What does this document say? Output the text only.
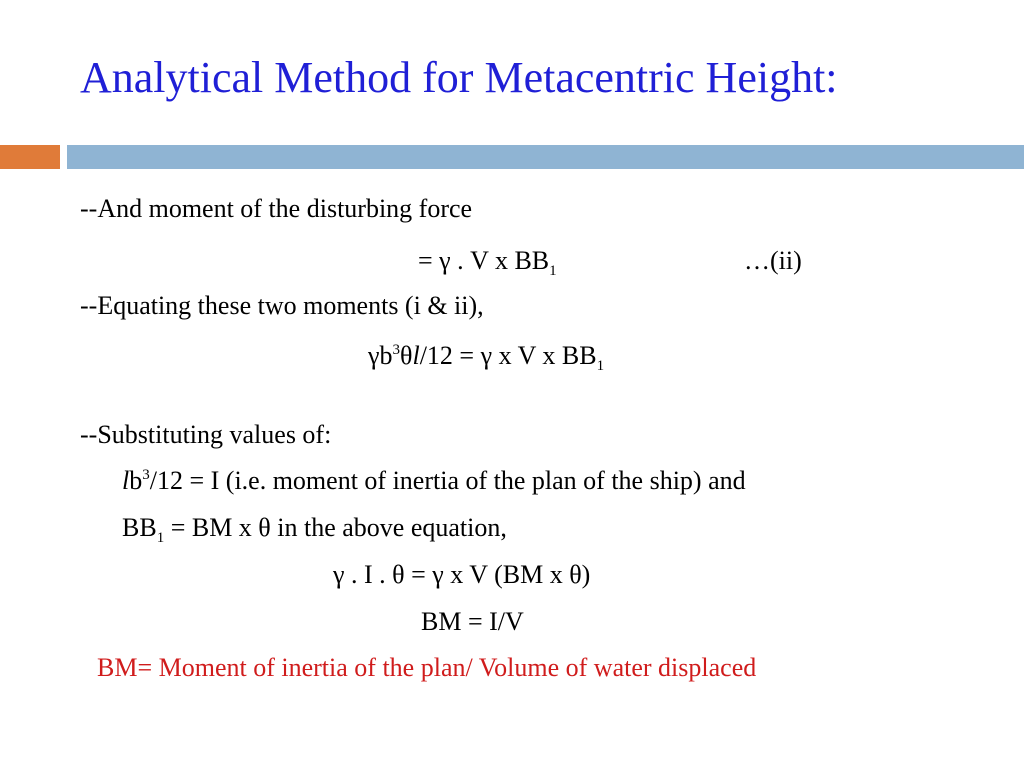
Analytical Method for Metacentric Height:
--And moment of the disturbing force
= γ . V x $BB_1$	…(ii)
--Equating these two moments (i & ii),
$\gamma b^3\theta l/12 = \gamma$ x V x $BB_1$
--Substituting values of:
$lb^3/12 = I$ (i.e. moment of inertia of the plan of the ship) and
$BB_1$ = BM x θ in the above equation,
γ . I . θ = γ x V (BM x θ)
BM = I/V
BM= Moment of inertia of the plan/ Volume of water displaced
